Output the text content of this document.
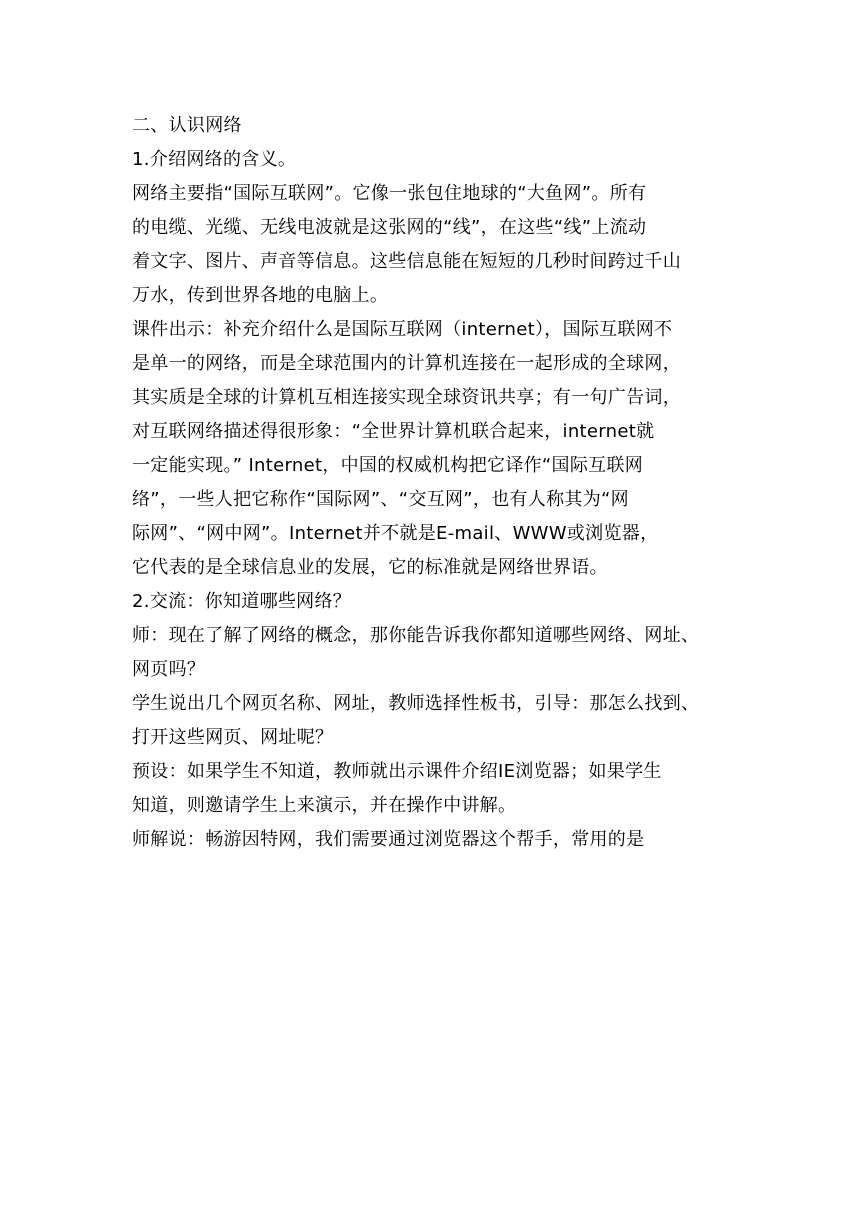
二、认识网络
1.介绍网络的含义。
网络主要指“国际互联网”。它像一张包住地球的“大鱼网”。所有
的电缆、光缆、无线电波就是这张网的“线”，在这些“线”上流动
着文字、图片、声音等信息。这些信息能在短短的几秒时间跨过千山
万水，传到世界各地的电脑上。
课件出示：补充介绍什么是国际互联网（internet），国际互联网不
是单一的网络，而是全球范围内的计算机连接在一起形成的全球网，
其实质是全球的计算机互相连接实现全球资讯共享；有一句广告词，
对互联网络描述得很形象：“全世界计算机联合起来，internet就
一定能实现。” Internet，中国的权威机构把它译作“国际互联网
络”，一些人把它称作“国际网”、“交互网”，也有人称其为“网
际网”、“网中网”。Internet并不就是E-mail、WWW或浏览器，
它代表的是全球信息业的发展，它的标准就是网络世界语。
2.交流：你知道哪些网络？
师：现在了解了网络的概念，那你能告诉我你都知道哪些网络、网址、
网页吗？
学生说出几个网页名称、网址，教师选择性板书，引导：那怎么找到、
打开这些网页、网址呢？
预设：如果学生不知道，教师就出示课件介绍IE浏览器；如果学生
知道，则邀请学生上来演示，并在操作中讲解。
师解说：畅游因特网，我们需要通过浏览器这个帮手，常用的是
